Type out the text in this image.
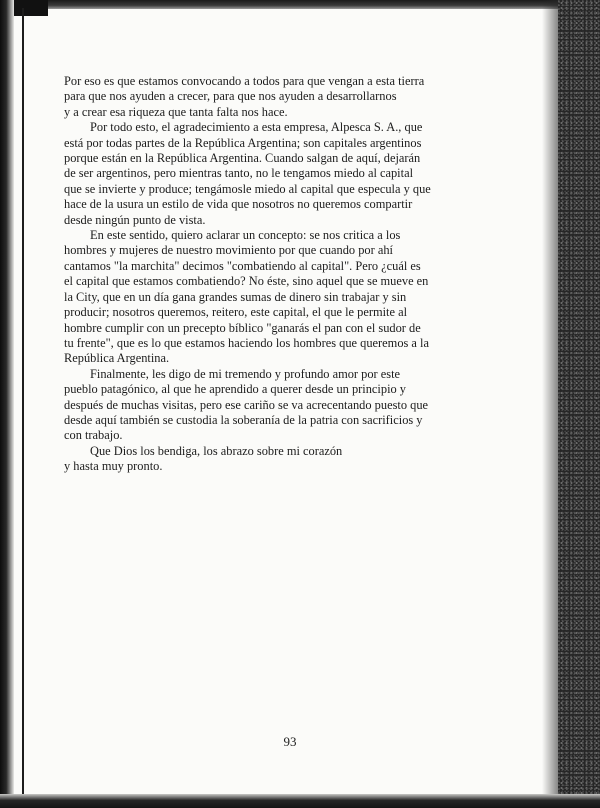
Por eso es que estamos convocando a todos para que vengan a esta tierra
para que nos ayuden a crecer, para que nos ayuden a desarrollarnos
y a crear esa riqueza que tanta falta nos hace.
Por todo esto, el agradecimiento a esta empresa, Alpesca S. A., que
está por todas partes de la República Argentina; son capitales argentinos
porque están en la República Argentina. Cuando salgan de aquí, dejarán
de ser argentinos, pero mientras tanto, no le tengamos miedo al capital
que se invierte y produce; tengámosle miedo al capital que especula y que
hace de la usura un estilo de vida que nosotros no queremos compartir
desde ningún punto de vista.
En este sentido, quiero aclarar un concepto: se nos critica a los
hombres y mujeres de nuestro movimiento por que cuando por ahí
cantamos "la marchita" decimos "combatiendo al capital". Pero ¿cuál es
el capital que estamos combatiendo? No éste, sino aquel que se mueve en
la City, que en un día gana grandes sumas de dinero sin trabajar y sin
producir; nosotros queremos, reitero, este capital, el que le permite al
hombre cumplir con un precepto bíblico "ganarás el pan con el sudor de
tu frente", que es lo que estamos haciendo los hombres que queremos a la
República Argentina.
Finalmente, les digo de mi tremendo y profundo amor por este
pueblo patagónico, al que he aprendido a querer desde un principio y
después de muchas visitas, pero ese cariño se va acrecentando puesto que
desde aquí también se custodia la soberanía de la patria con sacrificios y
con trabajo.
Que Dios los bendiga, los abrazo sobre mi corazón
y hasta muy pronto.
93
